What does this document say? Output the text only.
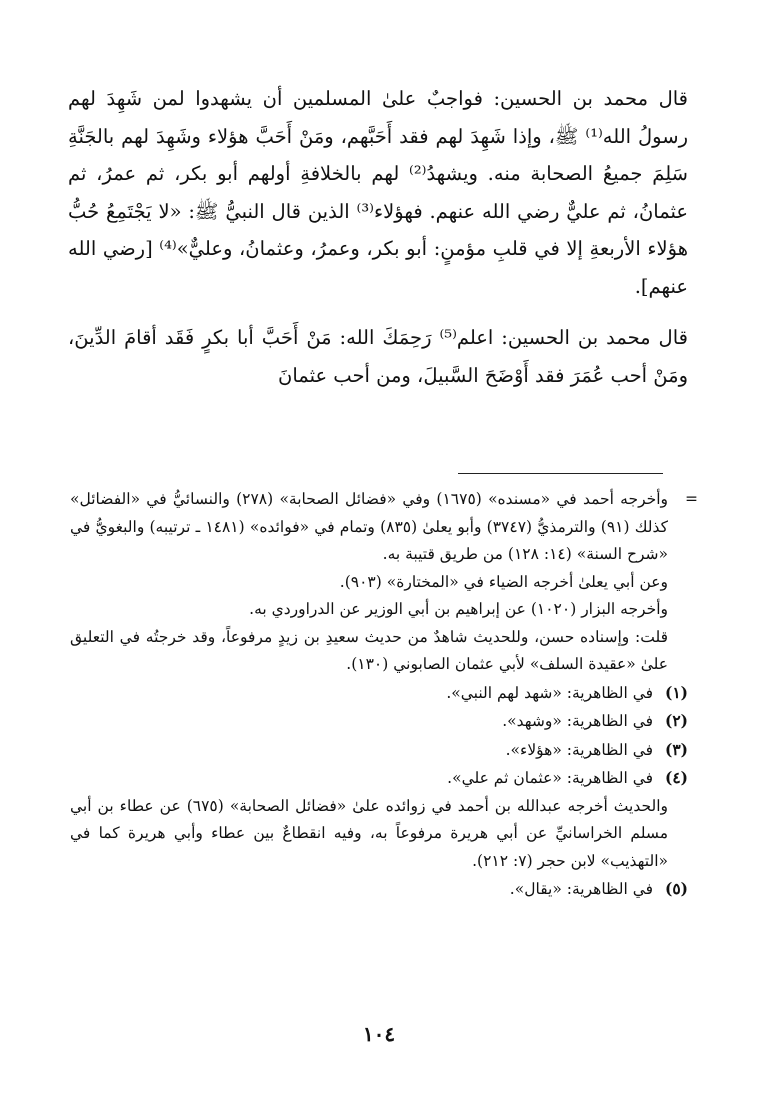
قال محمد بن الحسين: فواجبٌ علىٰ المسلمين أن يشهدوا لمن شَهِدَ لهم رسولُ الله⁽¹⁾ ﷺ، وإذا شَهِدَ لهم فقد أَحَبَّهم، ومَنْ أَحَبَّ هؤلاء وشَهِدَ لهم بالجَنَّةِ سَلِمَ جميعُ الصحابة منه. ويشهدُ⁽²⁾ لهم بالخلافةِ أولهم أبو بكر، ثم عمرُ، ثم عثمانُ، ثم عليٌّ رضي الله عنهم. فهؤلاء⁽³⁾ الذين قال النبيُّ ﷺ: «لا يَجْتَمِعُ حُبُّ هؤلاء الأربعةِ إلا في قلبِ مؤمنٍ: أبو بكر، وعمرُ، وعثمانُ، وعليٌّ»⁽⁴⁾ [رضي الله عنهم].

قال محمد بن الحسين: اعلم⁽⁵⁾ رَحِمَكَ الله: مَنْ أَحَبَّ أبا بكرٍ فَقَد أقامَ الدِّينَ، ومَنْ أحب عُمَرَ فقد أَوْضَحَ السَّبيلَ، ومن أحب عثمانَ

=
وأخرجه أحمد في «مسنده» (١٦٧٥) وفي «فضائل الصحابة» (٢٧٨) والنسائيُّ في «الفضائل» كذلك (٩١) والترمذيُّ (٣٧٤٧) وأبو يعلىٰ (٨٣٥) وتمام في «فوائده» (١٤٨١ ـ ترتيبه) والبغويُّ في «شرح السنة» (١٤: ١٢٨) من طريق قتيبة به.

وعن أبي يعلىٰ أخرجه الضياء في «المختارة» (٩٠٣).

وأخرجه البزار (١٠٢٠) عن إبراهيم بن أبي الوزير عن الدراوردي به.

قلت: وإسناده حسن، وللحديث شاهدٌ من حديث سعيدِ بن زيدٍ مرفوعاً، وقد خرجتُه في التعليق علىٰ «عقيدة السلف» لأبي عثمان الصابوني (١٣٠).

(١) في الظاهرية: «شهد لهم النبي».

(٢) في الظاهرية: «وشهد».

(٣) في الظاهرية: «هؤلاء».

(٤) في الظاهرية: «عثمان ثم علي».

والحديث أخرجه عبدالله بن أحمد في زوائده علىٰ «فضائل الصحابة» (٦٧٥) عن عطاء بن أبي مسلم الخراسانيِّ عن أبي هريرة مرفوعاً به، وفيه انقطاعٌ بين عطاء وأبي هريرة كما في «التهذيب» لابن حجر (٧: ٢١٢).

(٥) في الظاهرية: «يقال».

١٠٤
